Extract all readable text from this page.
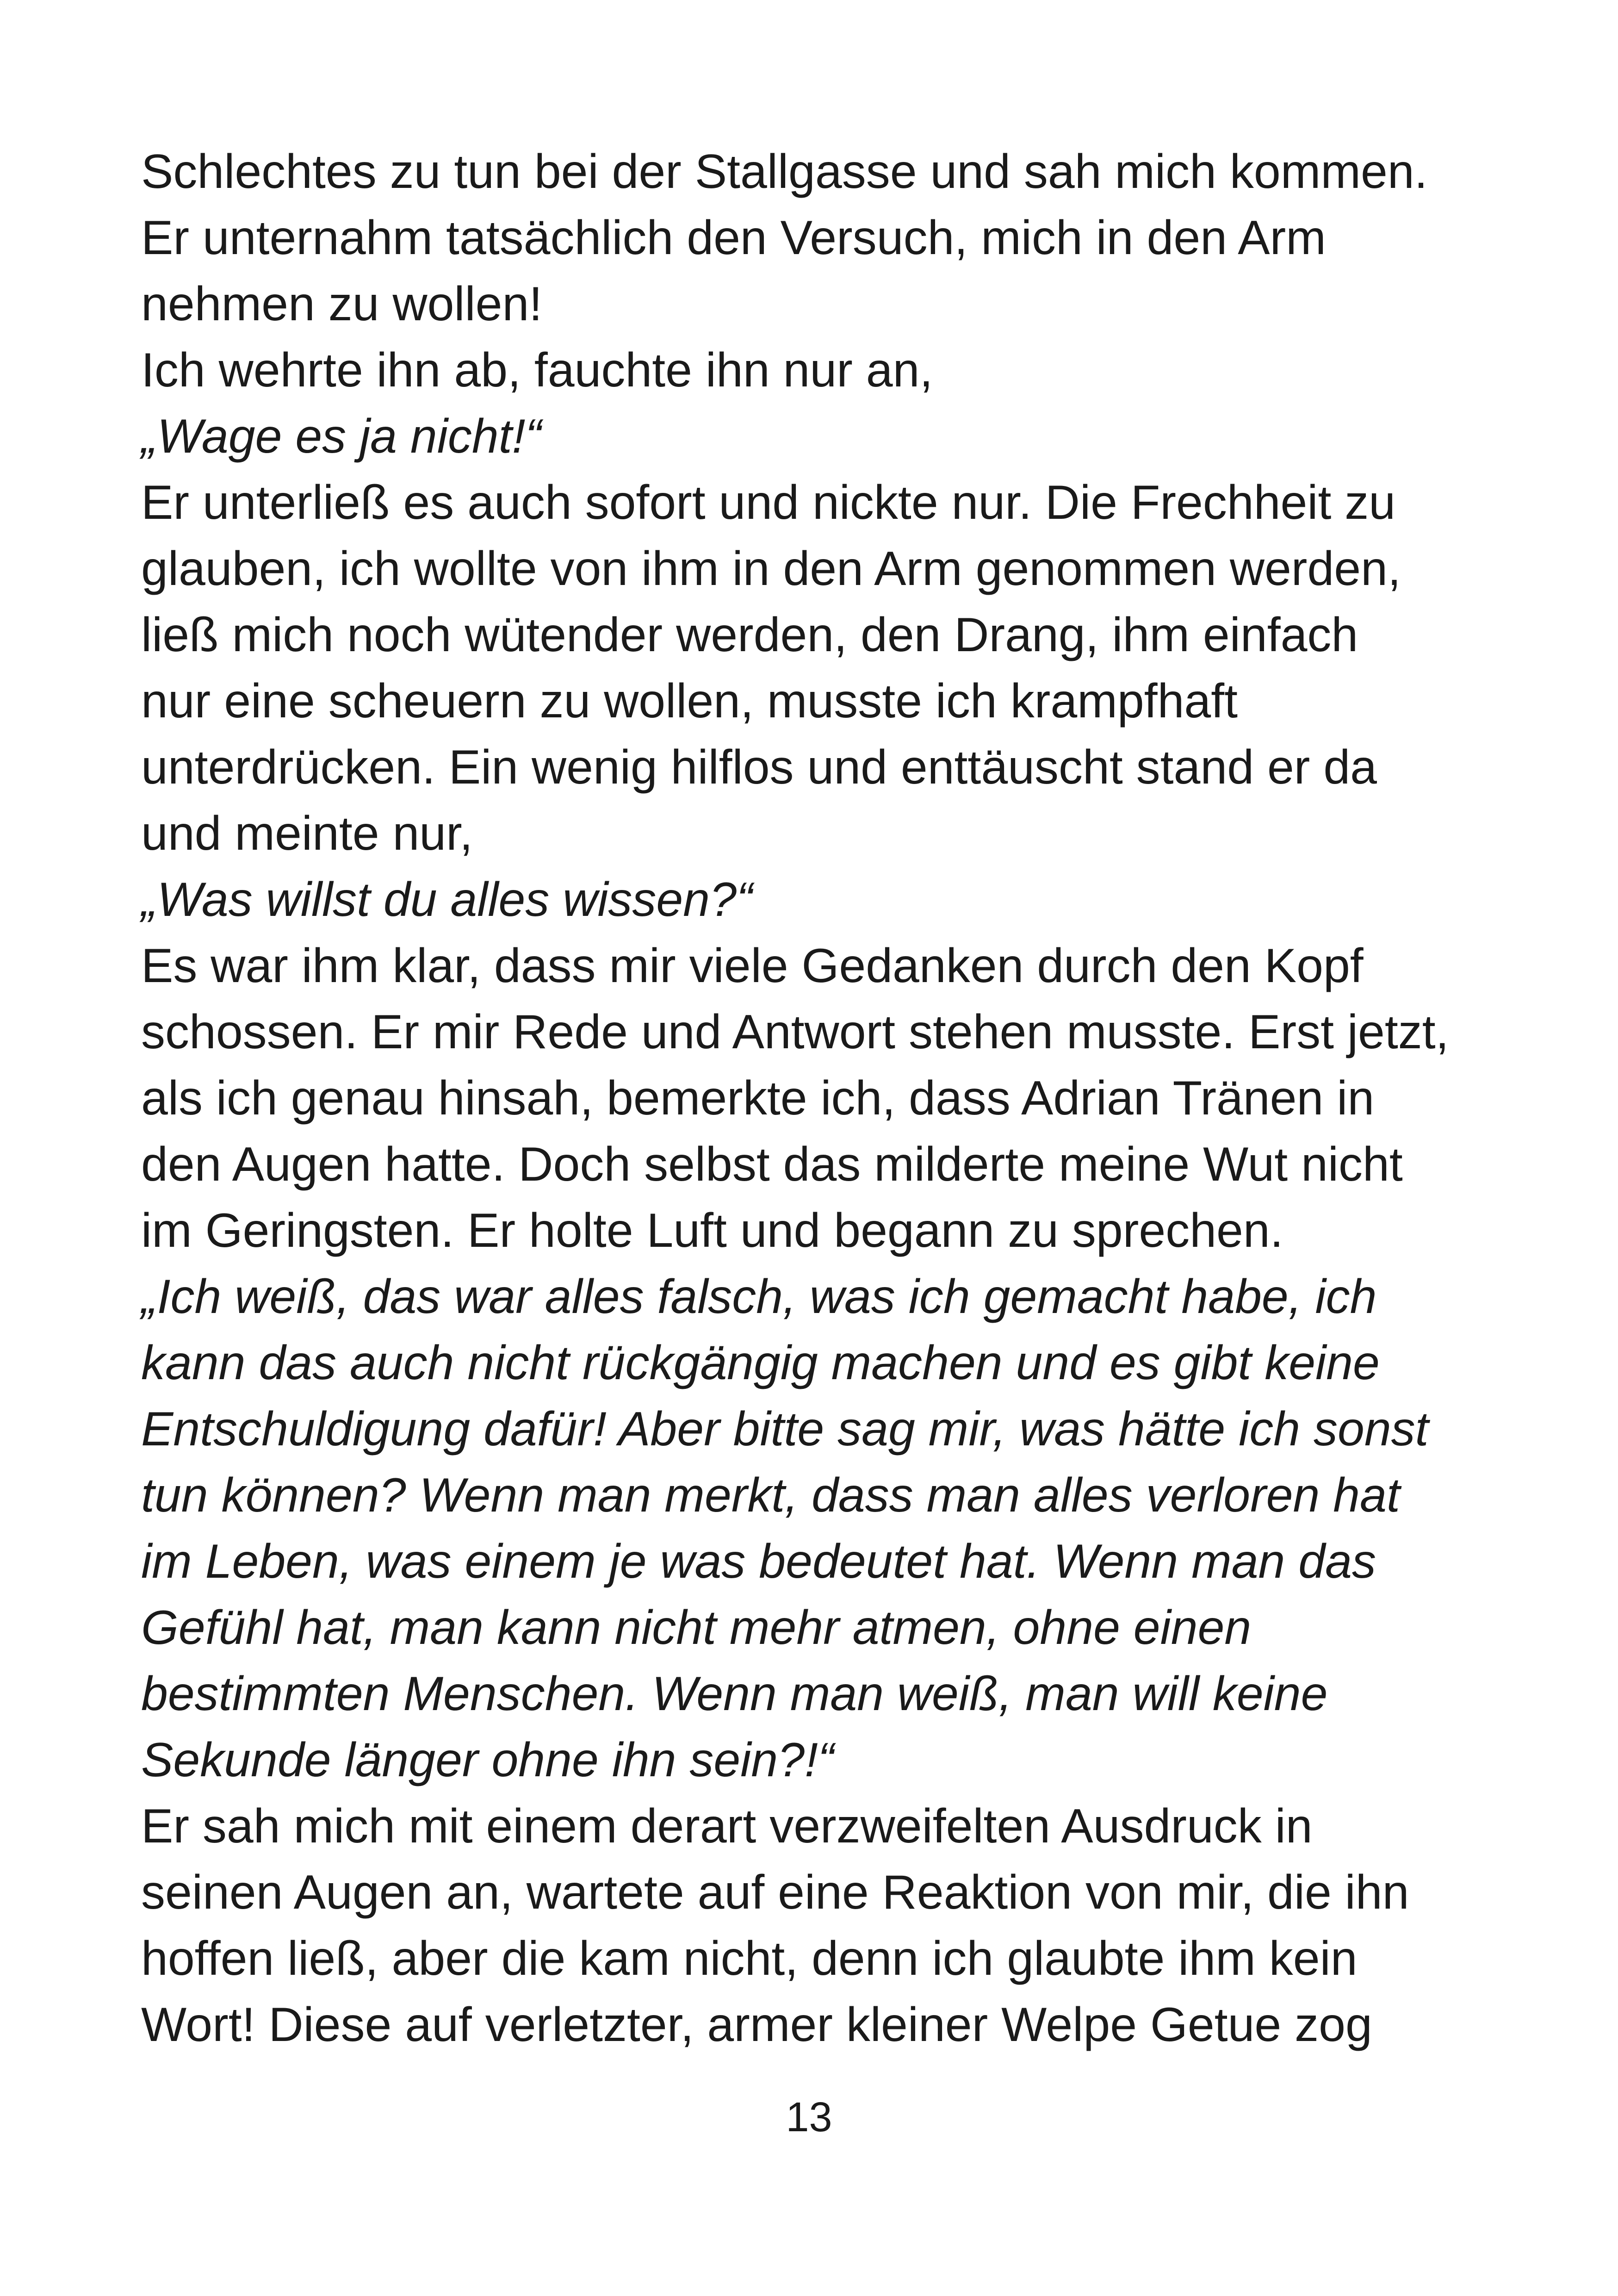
Schlechtes zu tun bei der Stallgasse und sah mich kommen.
Er unternahm tatsächlich den Versuch, mich in den Arm
nehmen zu wollen!
Ich wehrte ihn ab, fauchte ihn nur an,
„Wage es ja nicht!“
Er unterließ es auch sofort und nickte nur. Die Frechheit zu
glauben, ich wollte von ihm in den Arm genommen werden,
ließ mich noch wütender werden, den Drang, ihm einfach
nur eine scheuern zu wollen, musste ich krampfhaft
unterdrücken. Ein wenig hilflos und enttäuscht stand er da
und meinte nur,
„Was willst du alles wissen?“
Es war ihm klar, dass mir viele Gedanken durch den Kopf
schossen. Er mir Rede und Antwort stehen musste. Erst jetzt,
als ich genau hinsah, bemerkte ich, dass Adrian Tränen in
den Augen hatte. Doch selbst das milderte meine Wut nicht
im Geringsten. Er holte Luft und begann zu sprechen.
„Ich weiß, das war alles falsch, was ich gemacht habe, ich
kann das auch nicht rückgängig machen und es gibt keine
Entschuldigung dafür! Aber bitte sag mir, was hätte ich sonst
tun können? Wenn man merkt, dass man alles verloren hat
im Leben, was einem je was bedeutet hat. Wenn man das
Gefühl hat, man kann nicht mehr atmen, ohne einen
bestimmten Menschen. Wenn man weiß, man will keine
Sekunde länger ohne ihn sein?!“
Er sah mich mit einem derart verzweifelten Ausdruck in
seinen Augen an, wartete auf eine Reaktion von mir, die ihn
hoffen ließ, aber die kam nicht, denn ich glaubte ihm kein
Wort! Diese auf verletzter, armer kleiner Welpe Getue zog
13
